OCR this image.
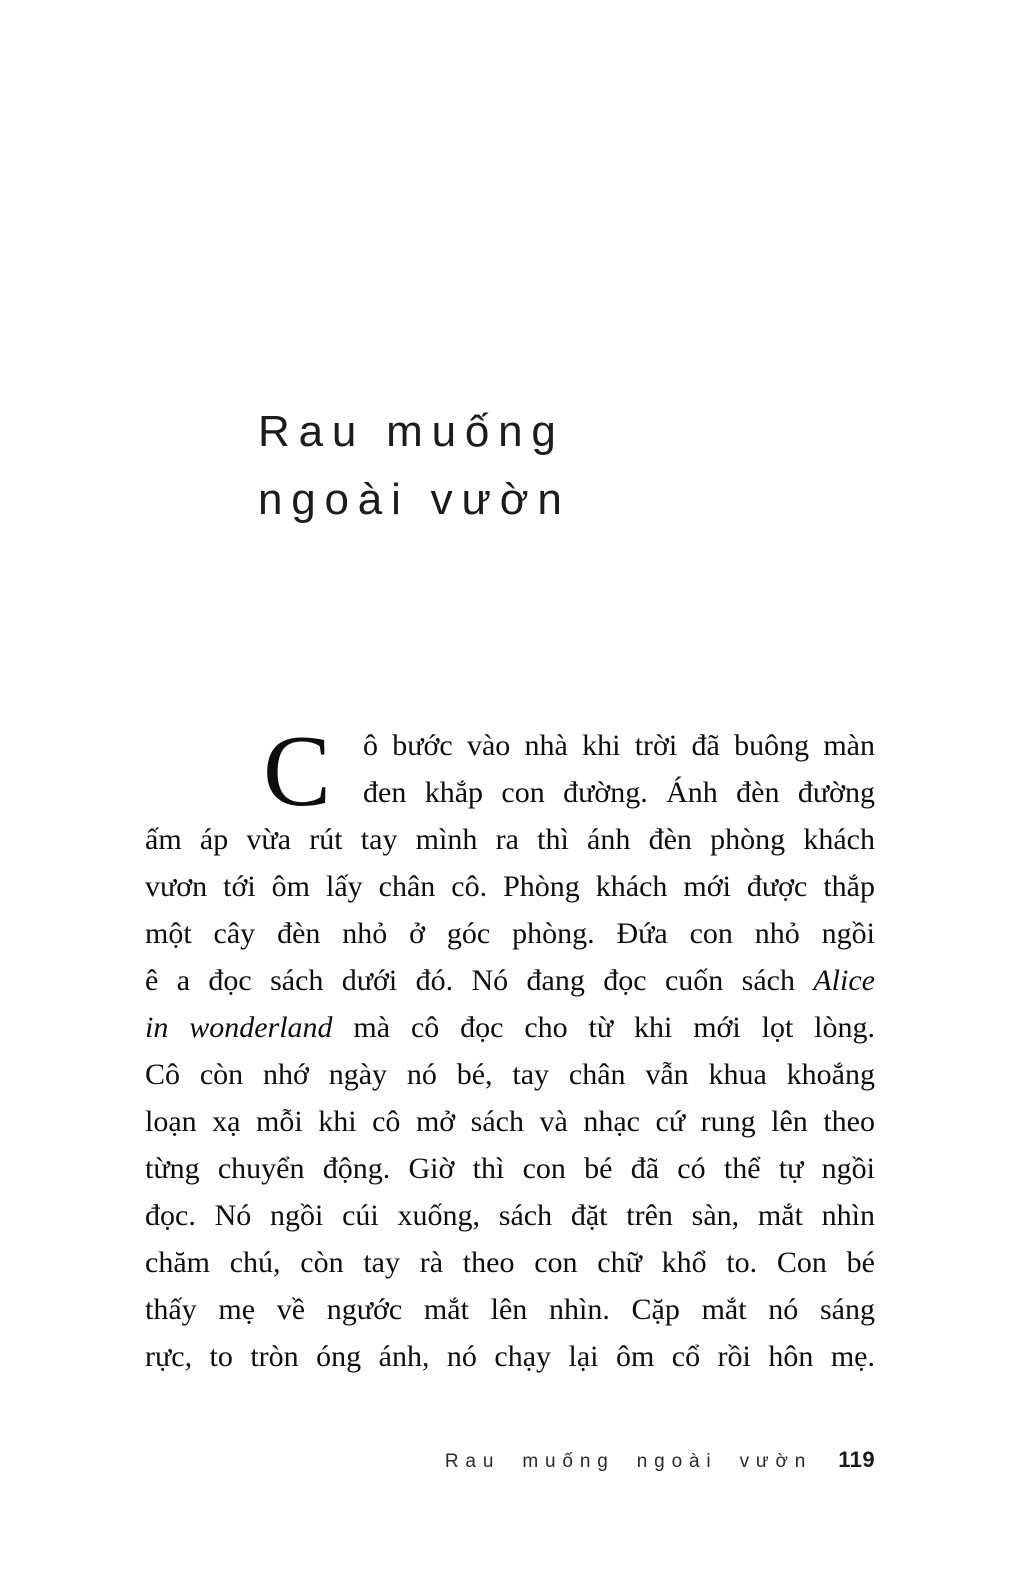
Rau muống
ngoài vườn
C ô bước vào nhà khi trời đã buông màn
đen khắp con đường. Ánh đèn đường
ấm áp vừa rút tay mình ra thì ánh đèn phòng khách
vươn tới ôm lấy chân cô. Phòng khách mới được thắp
một cây đèn nhỏ ở góc phòng. Đứa con nhỏ ngồi
ê a đọc sách dưới đó. Nó đang đọc cuốn sách Alice
in wonderland mà cô đọc cho từ khi mới lọt lòng.
Cô còn nhớ ngày nó bé, tay chân vẫn khua khoắng
loạn xạ mỗi khi cô mở sách và nhạc cứ rung lên theo
từng chuyển động. Giờ thì con bé đã có thể tự ngồi
đọc. Nó ngồi cúi xuống, sách đặt trên sàn, mắt nhìn
chăm chú, còn tay rà theo con chữ khổ to. Con bé
thấy mẹ về ngước mắt lên nhìn. Cặp mắt nó sáng
rực, to tròn óng ánh, nó chạy lại ôm cổ rồi hôn mẹ.
Rau muống ngoài vườn 119
